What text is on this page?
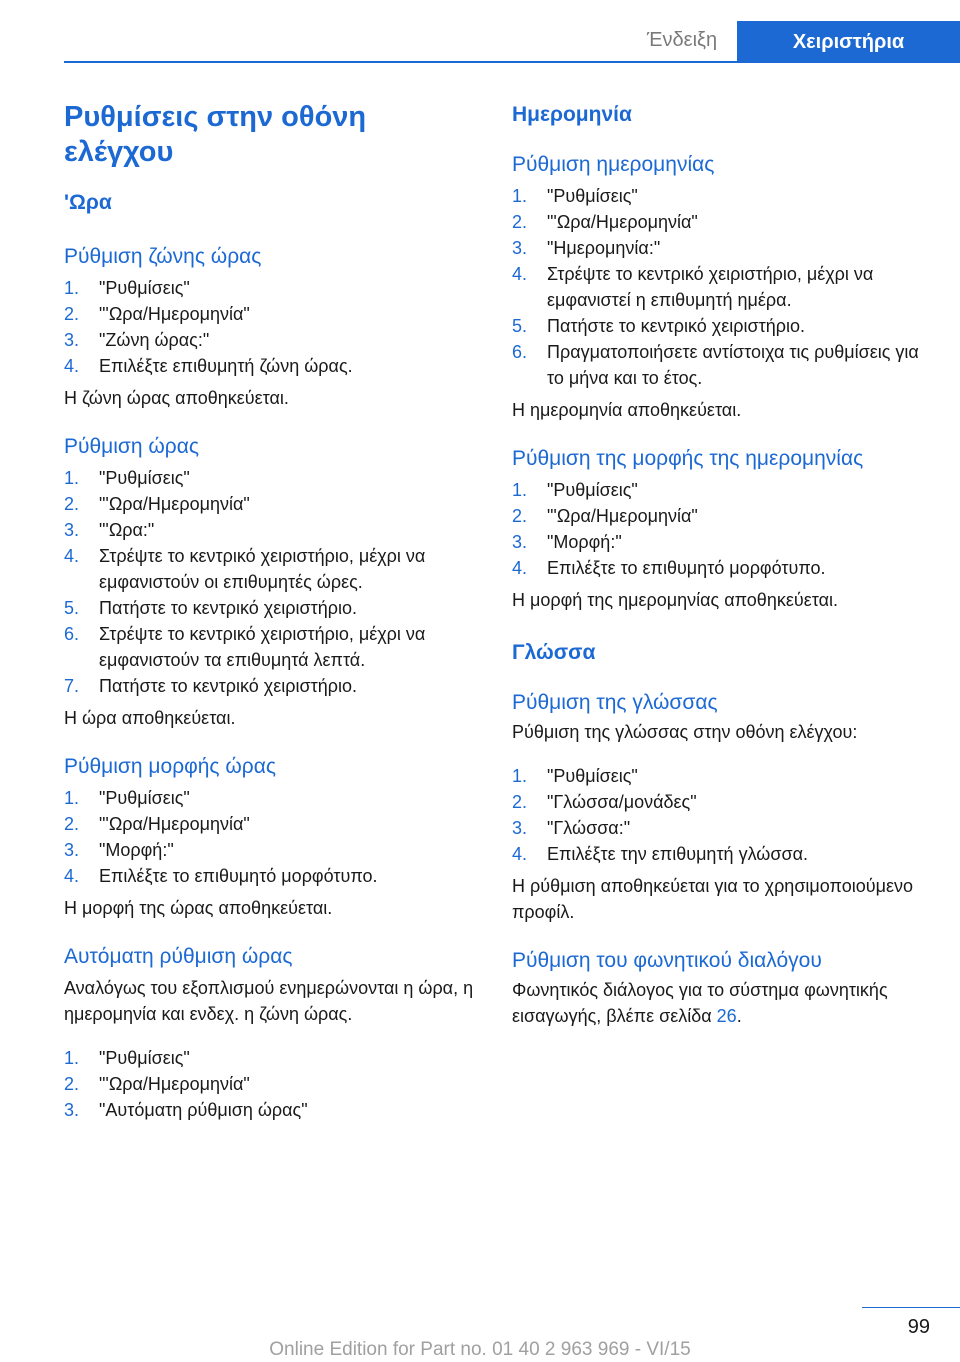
Ένδειξη	Χειριστήρια
Ρυθμίσεις στην οθόνη ελέγχου
'Ωρα
Ρύθμιση ζώνης ώρας
1. "Ρυθμίσεις"
2. "'Ωρα/Ημερομηνία"
3. "Ζώνη ώρας:"
4. Επιλέξτε επιθυμητή ζώνη ώρας.

Η ζώνη ώρας αποθηκεύεται.

Ρύθμιση ώρας
1. "Ρυθμίσεις"
2. "'Ωρα/Ημερομηνία"
3. "'Ωρα:"
4. Στρέψτε το κεντρικό χειριστήριο, μέχρι να εμφανιστούν οι επιθυμητές ώρες.
5. Πατήστε το κεντρικό χειριστήριο.
6. Στρέψτε το κεντρικό χειριστήριο, μέχρι να εμφανιστούν τα επιθυμητά λεπτά.
7. Πατήστε το κεντρικό χειριστήριο.

Η ώρα αποθηκεύεται.

Ρύθμιση μορφής ώρας
1. "Ρυθμίσεις"
2. "'Ωρα/Ημερομηνία"
3. "Μορφή:"
4. Επιλέξτε το επιθυμητό μορφότυπο.

Η μορφή της ώρας αποθηκεύεται.

Αυτόματη ρύθμιση ώρας

Αναλόγως του εξοπλισμού ενημερώνονται η ώρα, η ημερομηνία και ενδεχ. η ζώνη ώρας.

1. "Ρυθμίσεις"
2. "'Ωρα/Ημερομηνία"
3. "Αυτόματη ρύθμιση ώρας"
Ημερομηνία
Ρύθμιση ημερομηνίας
1. "Ρυθμίσεις"
2. "'Ωρα/Ημερομηνία"
3. "Ημερομηνία:"
4. Στρέψτε το κεντρικό χειριστήριο, μέχρι να εμφανιστεί η επιθυμητή ημέρα.
5. Πατήστε το κεντρικό χειριστήριο.
6. Πραγματοποιήσετε αντίστοιχα τις ρυθμίσεις για το μήνα και το έτος.

Η ημερομηνία αποθηκεύεται.

Ρύθμιση της μορφής της ημερομηνίας
1. "Ρυθμίσεις"
2. "'Ωρα/Ημερομηνία"
3. "Μορφή:"
4. Επιλέξτε το επιθυμητό μορφότυπο.

Η μορφή της ημερομηνίας αποθηκεύεται.

Γλώσσα
Ρύθμιση της γλώσσας

Ρύθμιση της γλώσσας στην οθόνη ελέγχου:

1. "Ρυθμίσεις"
2. "Γλώσσα/μονάδες"
3. "Γλώσσα:"
4. Επιλέξτε την επιθυμητή γλώσσα.

Η ρύθμιση αποθηκεύεται για το χρησιμοποιούμενο προφίλ.

Ρύθμιση του φωνητικού διαλόγου

Φωνητικός διάλογος για το σύστημα φωνητικής εισαγωγής, βλέπε σελίδα 26.

99
Online Edition for Part no. 01 40 2 963 969 - VI/15
